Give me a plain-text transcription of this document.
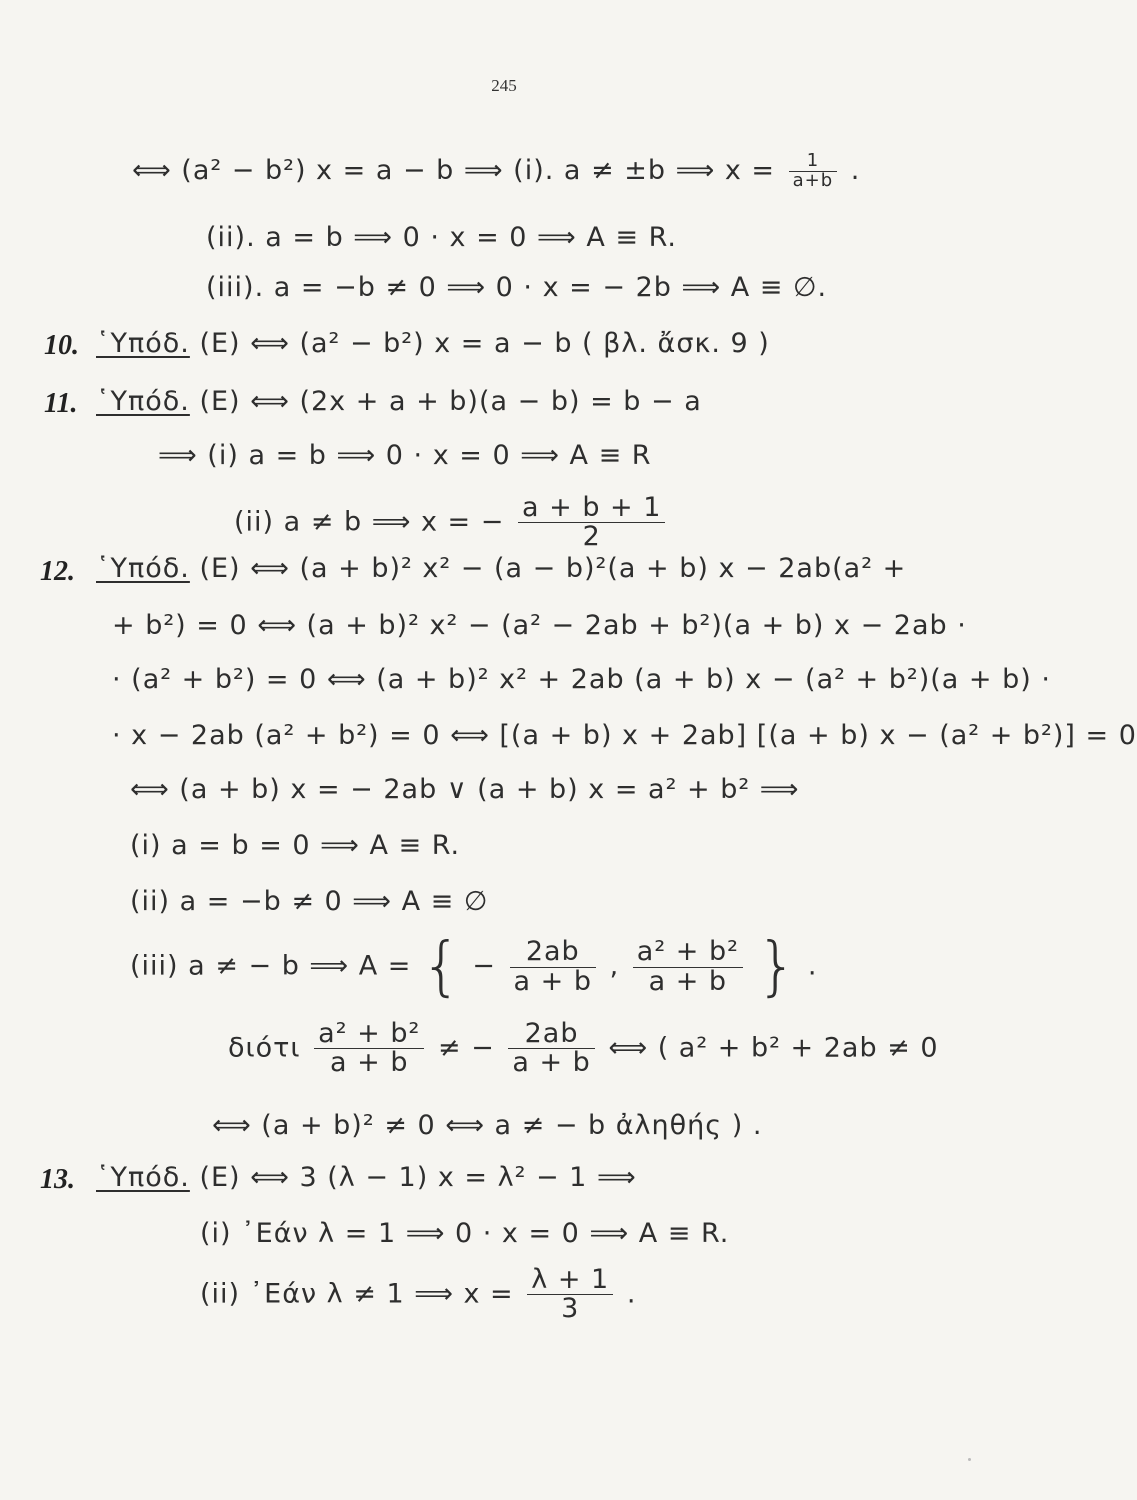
245
⟺ (a² − b²) x = a − b ⟹ (i). a ≠ ±b ⟹ $x = \frac{1}{a+b}$ .
(ii). a = b ⟹ 0 · x = 0 ⟹ A ≡ R.
(iii). a = −b ≠ 0 ⟹ 0 · x = − 2b ⟹ A ≡ ∅.
10. ῾Υπόδ. (E) ⟺ (a² − b²) x = a − b ( βλ. ἄσκ. 9 )
11. ῾Υπόδ. (E) ⟺ (2x + a + b)(a − b) = b − a
⟹ (i) a = b ⟹ 0 · x = 0 ⟹ A ≡ R
(ii) a ≠ b ⟹ x = − $\frac{a + b + 1}{2}$
12. ῾Υπόδ. (E) ⟺ (a + b)² x² − (a − b)²(a + b) x − 2ab(a² +
+ b²) = 0 ⟺ (a + b)² x² − (a² − 2ab + b²)(a + b) x − 2ab ·
· (a² + b²) = 0 ⟺ (a + b)² x² + 2ab (a + b) x − (a² + b²)(a + b) ·
· x − 2ab (a² + b²) = 0 ⟺ [(a + b) x + 2ab] [(a + b) x − (a² + b²)] = 0
⟺ (a + b) x = − 2ab ∨ (a + b) x = a² + b² ⟹
(i) a = b = 0 ⟹ A ≡ R.
(ii) a = −b ≠ 0 ⟹ A ≡ ∅
(iii) a ≠ − b ⟹ A = { − $\frac{2ab}{a + b}$ , $\frac{\text{a² + b²}}{a + b}$ } .
διότι $\frac{\text{a² + b²}}{a + b}$ ≠ − $\frac{2ab}{a + b}$ ⟺ ( a² + b² + 2ab ≠ 0
⟺ (a + b)² ≠ 0 ⟺ a ≠ − b ἀληθής ) .
13. ῾Υπόδ. (E) ⟺ 3 (λ − 1) x = λ² − 1 ⟹
(i) ᾽Εάν λ = 1 ⟹ 0 · x = 0 ⟹ A ≡ R.
(ii) ᾽Εάν λ ≠ 1 ⟹ $x = \frac{\lambda + 1}{3}$ .
